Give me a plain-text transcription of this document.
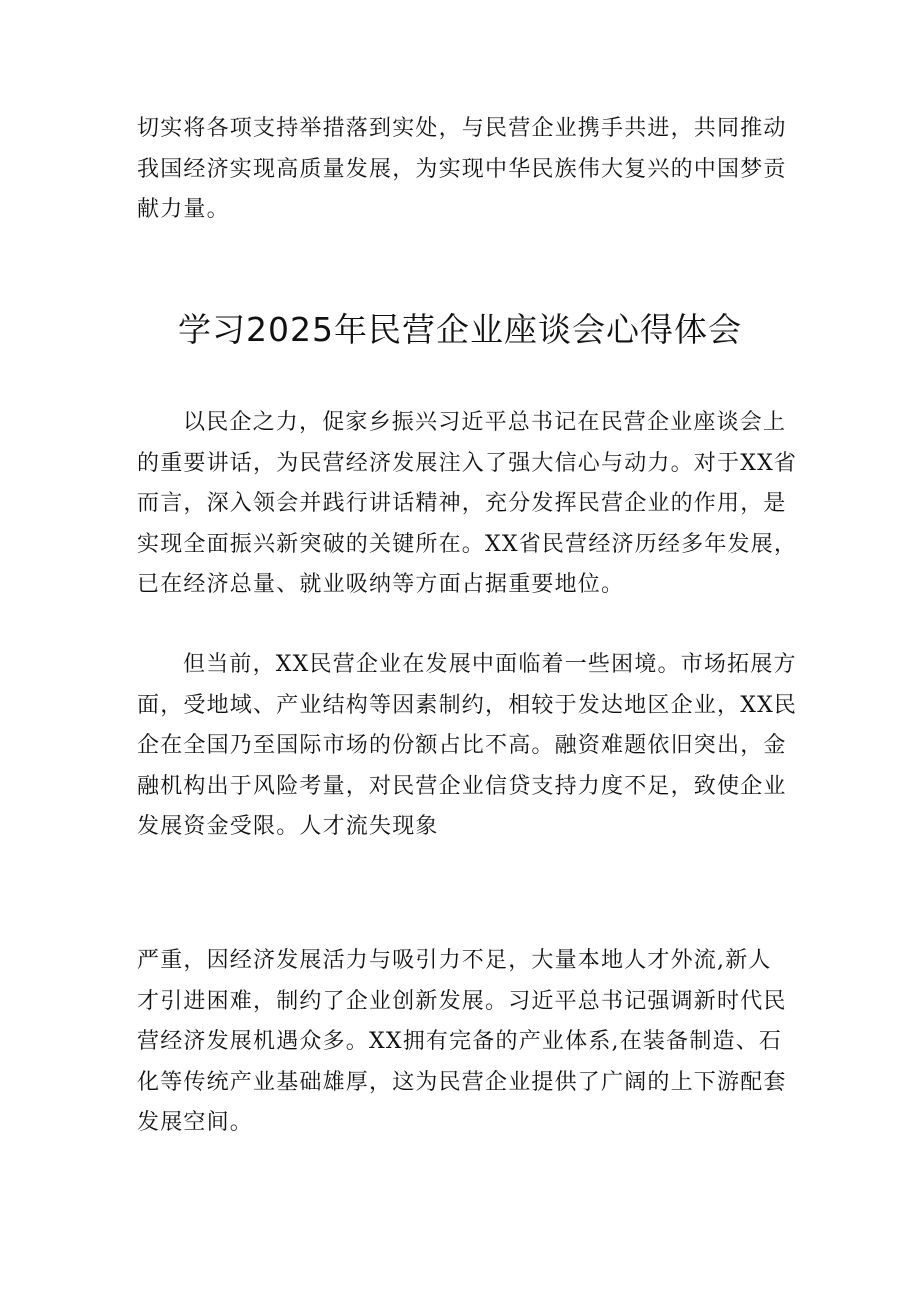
切实将各项支持举措落到实处，与民营企业携手共进，共同推动
我国经济实现高质量发展，为实现中华民族伟大复兴的中国梦贡
献力量。

学习2025年民营企业座谈会心得体会

以民企之力，促家乡振兴习近平总书记在民营企业座谈会上
的重要讲话，为民营经济发展注入了强大信心与动力。对于XX省
而言，深入领会并践行讲话精神，充分发挥民营企业的作用，是
实现全面振兴新突破的关键所在。XX省民营经济历经多年发展，
已在经济总量、就业吸纳等方面占据重要地位。

但当前，XX民营企业在发展中面临着一些困境。市场拓展方
面，受地域、产业结构等因素制约，相较于发达地区企业，XX民
企在全国乃至国际市场的份额占比不高。融资难题依旧突出，金
融机构出于风险考量，对民营企业信贷支持力度不足，致使企业
发展资金受限。人才流失现象

严重，因经济发展活力与吸引力不足，大量本地人才外流,新人
才引进困难，制约了企业创新发展。习近平总书记强调新时代民
营经济发展机遇众多。XX拥有完备的产业体系,在装备制造、石
化等传统产业基础雄厚，这为民营企业提供了广阔的上下游配套
发展空间。
